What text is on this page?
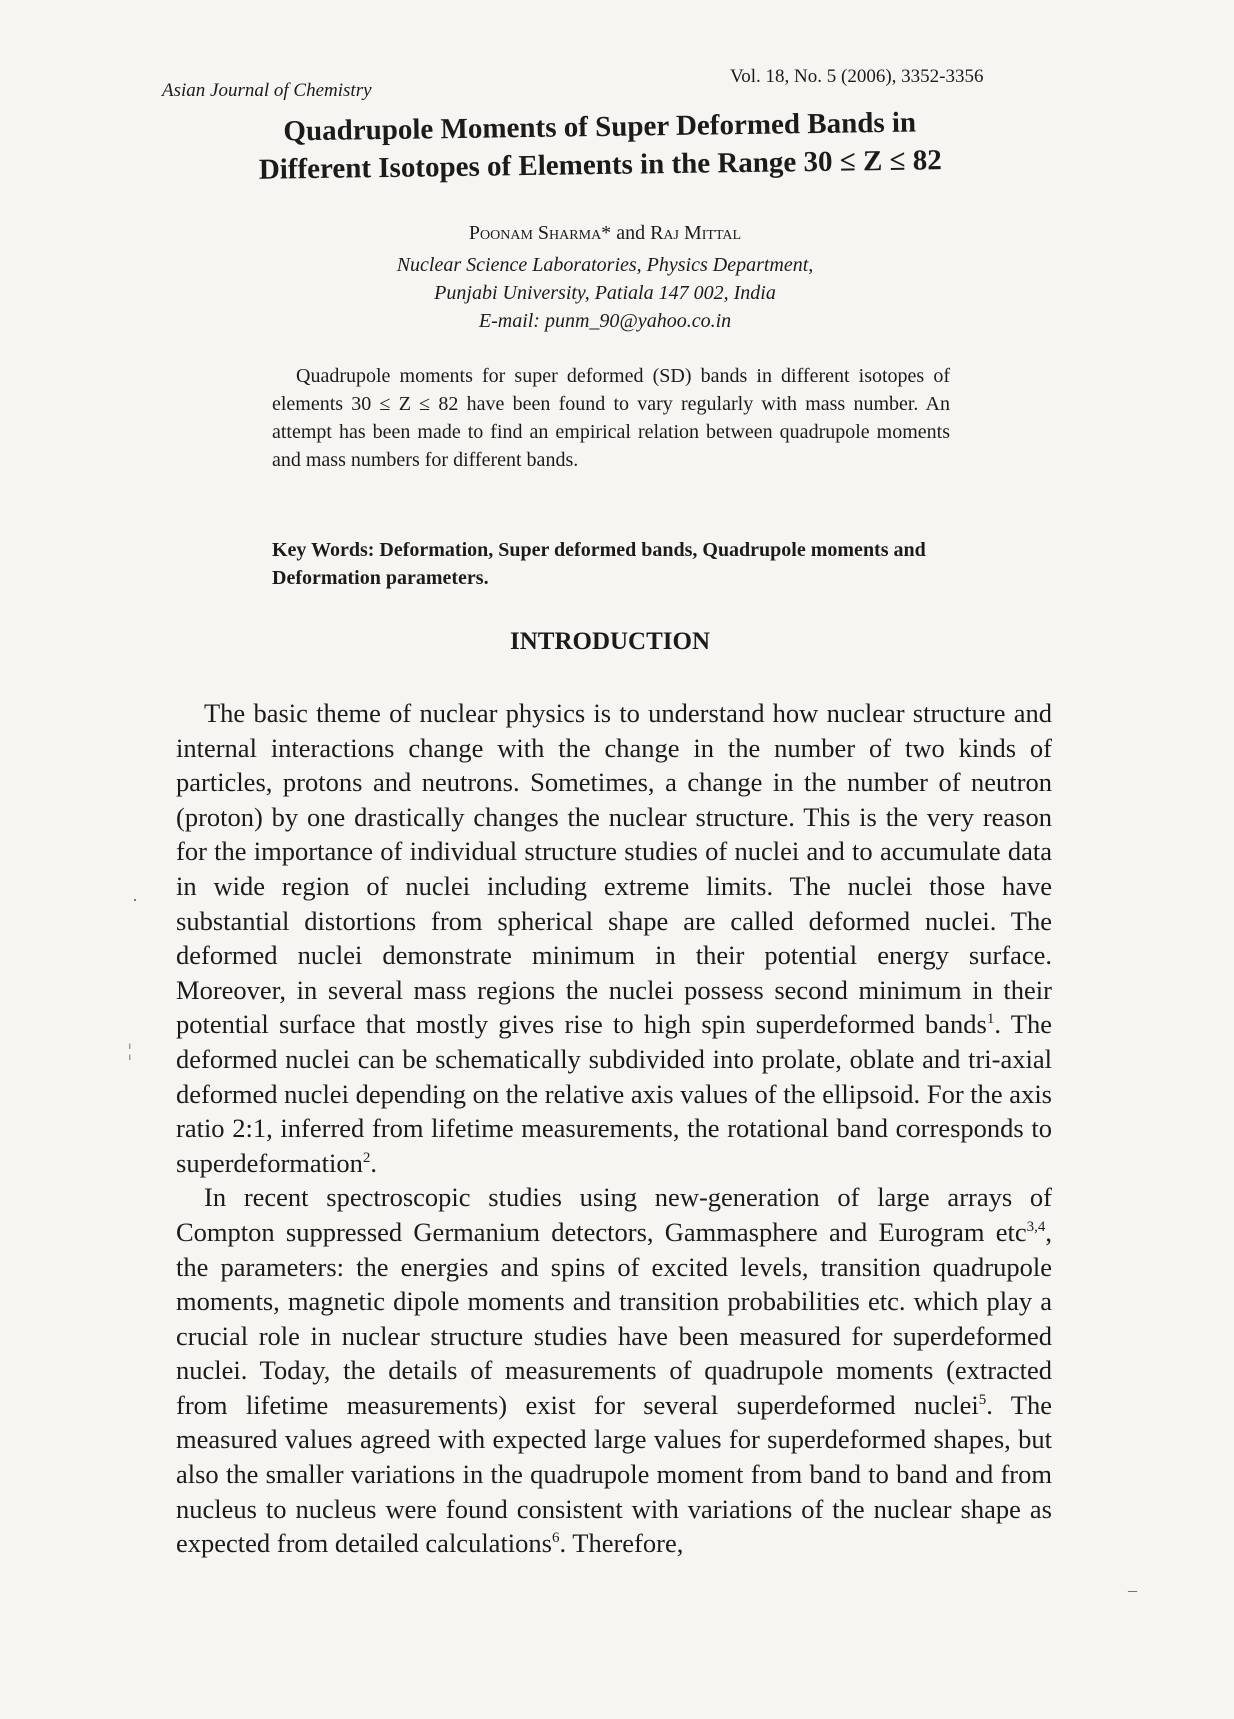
Asian Journal of Chemistry
Vol. 18, No. 5 (2006), 3352-3356
Quadrupole Moments of Super Deformed Bands in
Different Isotopes of Elements in the Range 30 ≤ Z ≤ 82
Poonam Sharma* and Raj Mittal
Nuclear Science Laboratories, Physics Department,
Punjabi University, Patiala 147 002, India
E-mail: punm_90@yahoo.co.in

Quadrupole moments for super deformed (SD) bands in different isotopes of elements 30 ≤ Z ≤ 82 have been found to vary regularly with mass number. An attempt has been made to find an empirical relation between quadrupole moments and mass numbers for different bands.

Key Words: Deformation, Super deformed bands, Quadrupole moments and Deformation parameters.
INTRODUCTION

The basic theme of nuclear physics is to understand how nuclear structure and internal interactions change with the change in the number of two kinds of particles, protons and neutrons. Sometimes, a change in the number of neutron (proton) by one drastically changes the nuclear structure. This is the very reason for the importance of individual structure studies of nuclei and to accumulate data in wide region of nuclei including extreme limits. The nuclei those have substantial distortions from spherical shape are called deformed nuclei. The deformed nuclei demonstrate minimum in their potential energy surface. Moreover, in several mass regions the nuclei possess second minimum in their potential surface that mostly gives rise to high spin superdeformed bands$^1$. The deformed nuclei can be schematically subdivided into prolate, oblate and tri-axial deformed nuclei depending on the relative axis values of the ellipsoid. For the axis ratio 2:1, inferred from lifetime measurements, the rotational band corresponds to superdeformation$^2$.

In recent spectroscopic studies using new-generation of large arrays of Compton suppressed Germanium detectors, Gammasphere and Eurogram etc$^{3,4}$, the parameters: the energies and spins of excited levels, transition quadrupole moments, magnetic dipole moments and transition probabilities etc. which play a crucial role in nuclear structure studies have been measured for superdeformed nuclei. Today, the details of measurements of quadrupole moments (extracted from lifetime measurements) exist for several superdeformed nuclei$^5$. The measured values agreed with expected large values for superdeformed shapes, but also the smaller variations in the quadrupole moment from band to band and from nucleus to nucleus were found consistent with variations of the nuclear shape as expected from detailed calculations$^6$. Therefore,

·
¦
–
